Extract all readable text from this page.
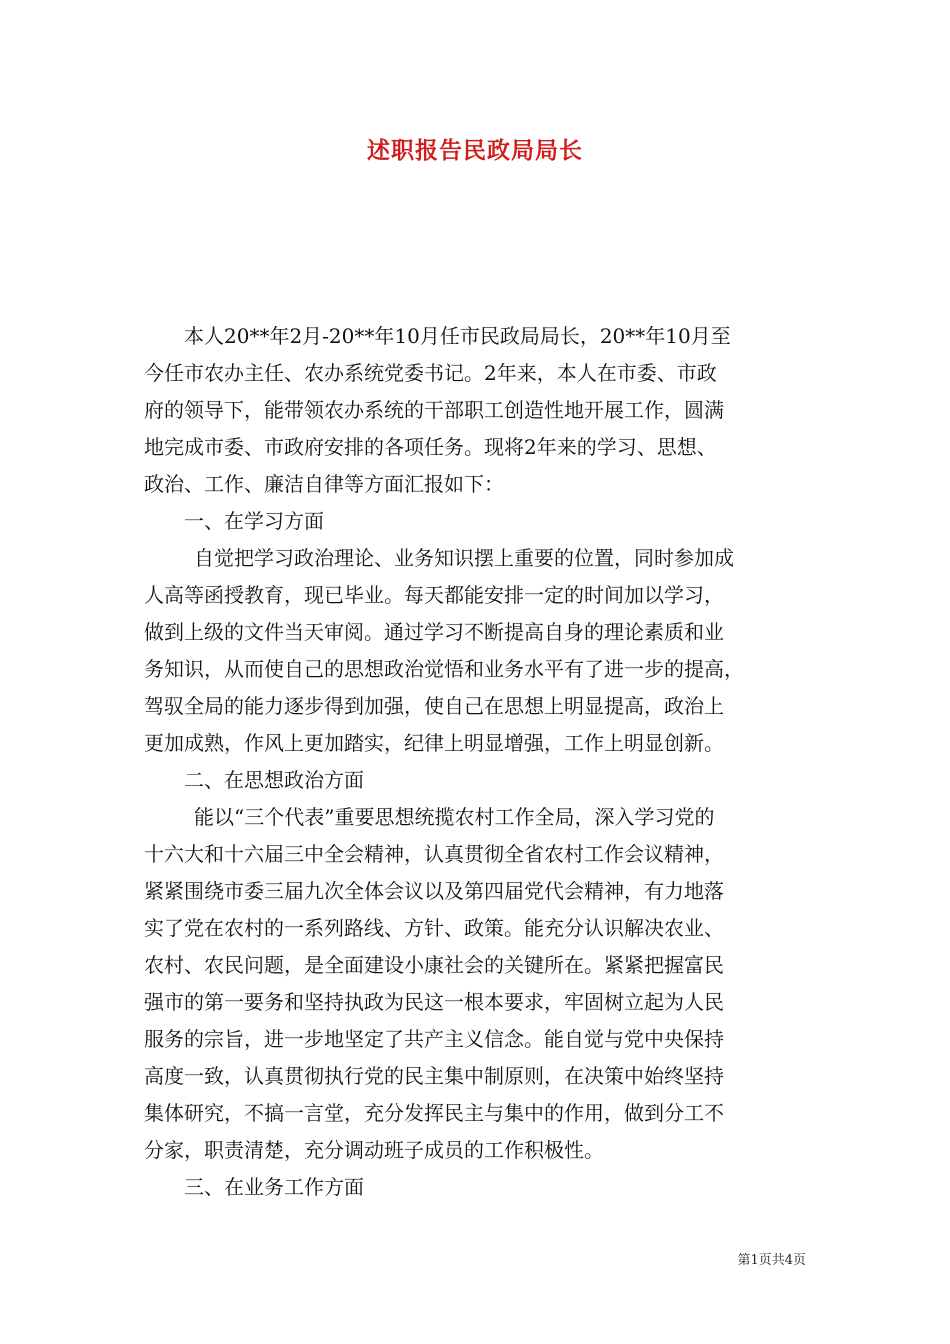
述职报告民政局局长
本人20**年2月-20**年10月任市民政局局长，20**年10月至
今任市农办主任、农办系统党委书记。2年来，本人在市委、市政
府的领导下，能带领农办系统的干部职工创造性地开展工作，圆满
地完成市委、市政府安排的各项任务。现将2年来的学习、思想、
政治、工作、廉洁自律等方面汇报如下：
一、在学习方面
自觉把学习政治理论、业务知识摆上重要的位置，同时参加成
人高等函授教育，现已毕业。每天都能安排一定的时间加以学习，
做到上级的文件当天审阅。通过学习不断提高自身的理论素质和业
务知识，从而使自己的思想政治觉悟和业务水平有了进一步的提高，
驾驭全局的能力逐步得到加强，使自己在思想上明显提高，政治上
更加成熟，作风上更加踏实，纪律上明显增强，工作上明显创新。
二、在思想政治方面
能以“三个代表”重要思想统揽农村工作全局，深入学习党的
十六大和十六届三中全会精神，认真贯彻全省农村工作会议精神，
紧紧围绕市委三届九次全体会议以及第四届党代会精神，有力地落
实了党在农村的一系列路线、方针、政策。能充分认识解决农业、
农村、农民问题，是全面建设小康社会的关键所在。紧紧把握富民
强市的第一要务和坚持执政为民这一根本要求，牢固树立起为人民
服务的宗旨，进一步地坚定了共产主义信念。能自觉与党中央保持
高度一致，认真贯彻执行党的民主集中制原则，在决策中始终坚持
集体研究，不搞一言堂，充分发挥民主与集中的作用，做到分工不
分家，职责清楚，充分调动班子成员的工作积极性。
三、在业务工作方面
第1页共4页
